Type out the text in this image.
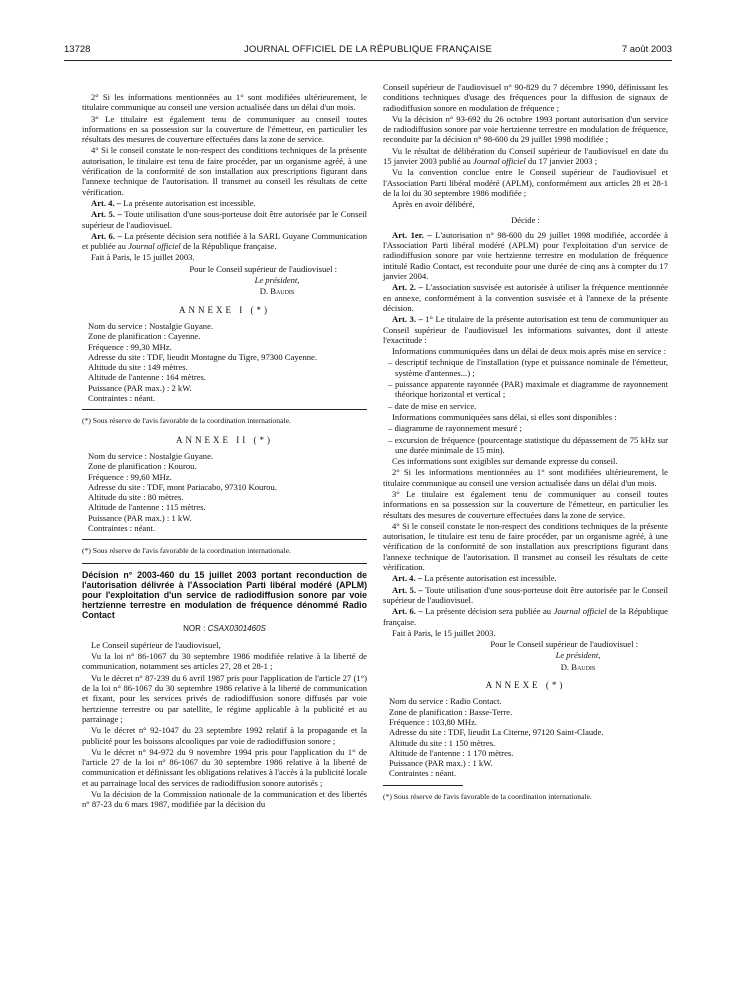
13728	JOURNAL OFFICIEL DE LA RÉPUBLIQUE FRANÇAISE	7 août 2003

2° Si les informations mentionnées au 1° sont modifiées ultérieurement, le titulaire communique au conseil une version actualisée dans un délai d'un mois.

3° Le titulaire est également tenu de communiquer au conseil toutes informations en sa possession sur la couverture de l'émetteur, en particulier les résultats des mesures de couverture effectuées dans la zone de service.

4° Si le conseil constate le non-respect des conditions techniques de la présente autorisation, le titulaire est tenu de faire procéder, par un organisme agréé, à une vérification de la conformité de son installation aux prescriptions figurant dans l'annexe technique de l'autorisation. Il transmet au conseil les résultats de cette vérification.

Art. 4. – La présente autorisation est incessible.

Art. 5. – Toute utilisation d'une sous-porteuse doit être autorisée par le Conseil supérieur de l'audiovisuel.

Art. 6. – La présente décision sera notifiée à la SARL Guyane Communication et publiée au Journal officiel de la République française.

Fait à Paris, le 15 juillet 2003.

Pour le Conseil supérieur de l'audiovisuel :

Le président,

D. Baudis

ANNEXE I (*)

Nom du service : Nostalgie Guyane.

Zone de planification : Cayenne.

Fréquence : 99,30 MHz.

Adresse du site : TDF, lieudit Montagne du Tigre, 97300 Cayenne.

Altitude du site : 149 mètres.

Altitude de l'antenne : 164 mètres.

Puissance (PAR max.) : 2 kW.

Contraintes : néant.

(*) Sous réserve de l'avis favorable de la coordination internationale.

ANNEXE II (*)

Nom du service : Nostalgie Guyane.

Zone de planification : Kourou.

Fréquence : 99,60 MHz.

Adresse du site : TDF, mont Pariacabo, 97310 Kourou.

Altitude du site : 80 mètres.

Altitude de l'antenne : 115 mètres.

Puissance (PAR max.) : 1 kW.

Contraintes : néant.

(*) Sous réserve de l'avis favorable de la coordination internationale.

Décision n° 2003-460 du 15 juillet 2003 portant reconduction de l'autorisation délivrée à l'Association Parti libéral modéré (APLM) pour l'exploitation d'un service de radiodiffusion sonore par voie hertzienne terrestre en modulation de fréquence dénommé Radio Contact

NOR : CSAX0301460S

Le Conseil supérieur de l'audiovisuel,

Vu la loi n° 86-1067 du 30 septembre 1986 modifiée relative à la liberté de communication, notamment ses articles 27, 28 et 28-1 ;

Vu le décret n° 87-239 du 6 avril 1987 pris pour l'application de l'article 27 (1°) de la loi n° 86-1067 du 30 septembre 1986 relative à la liberté de communication et fixant, pour les services privés de radiodiffusion sonore diffusés par voie hertzienne terrestre ou par satellite, le régime applicable à la publicité et au parrainage ;

Vu le décret n° 92-1047 du 23 septembre 1992 relatif à la propagande et la publicité pour les boissons alcooliques par voie de radiodiffusion sonore ;

Vu le décret n° 94-972 du 9 novembre 1994 pris pour l'application du 1° de l'article 27 de la loi n° 86-1067 du 30 septembre 1986 relative à la liberté de communication et définissant les obligations relatives à l'accès à la publicité locale et au parrainage local des services de radiodiffusion sonore autorisés ;

Vu la décision de la Commission nationale de la communication et des libertés n° 87-23 du 6 mars 1987, modifiée par la décision du

Conseil supérieur de l'audiovisuel n° 90-829 du 7 décembre 1990, définissant les conditions techniques d'usage des fréquences pour la diffusion de signaux de radiodiffusion sonore en modulation de fréquence ;

Vu la décision n° 93-692 du 26 octobre 1993 portant autorisation d'un service de radiodiffusion sonore par voie hertzienne terrestre en modulation de fréquence, reconduite par la décision n° 98-600 du 29 juillet 1998 modifiée ;

Vu le résultat de délibération du Conseil supérieur de l'audiovisuel en date du 15 janvier 2003 publié au Journal officiel du 17 janvier 2003 ;

Vu la convention conclue entre le Conseil supérieur de l'audiovisuel et l'Association Parti libéral modéré (APLM), conformément aux articles 28 et 28-1 de la loi du 30 septembre 1986 modifiée ;

Après en avoir délibéré,

Décide :

Art. 1er. – L'autorisation n° 98-600 du 29 juillet 1998 modifiée, accordée à l'Association Parti libéral modéré (APLM) pour l'exploitation d'un service de radiodiffusion sonore par voie hertzienne terrestre en modulation de fréquence intitulé Radio Contact, est reconduite pour une durée de cinq ans à compter du 17 janvier 2004.

Art. 2. – L'association susvisée est autorisée à utiliser la fréquence mentionnée en annexe, conformément à la convention susvisée et à l'annexe de la présente décision.

Art. 3. – 1° Le titulaire de la présente autorisation est tenu de communiquer au Conseil supérieur de l'audiovisuel les informations suivantes, dont il atteste l'exactitude :

Informations communiquées dans un délai de deux mois après mise en service :

– descriptif technique de l'installation (type et puissance nominale de l'émetteur, système d'antennes...) ;

– puissance apparente rayonnée (PAR) maximale et diagramme de rayonnement théorique horizontal et vertical ;

– date de mise en service.

Informations communiquées sans délai, si elles sont disponibles :

– diagramme de rayonnement mesuré ;

– excursion de fréquence (pourcentage statistique du dépassement de 75 kHz sur une durée minimale de 15 min).

Ces informations sont exigibles sur demande expresse du conseil.

2° Si les informations mentionnées au 1° sont modifiées ultérieurement, le titulaire communique au conseil une version actualisée dans un délai d'un mois.

3° Le titulaire est également tenu de communiquer au conseil toutes informations en sa possession sur la couverture de l'émetteur, en particulier les résultats des mesures de couverture effectuées dans la zone de service.

4° Si le conseil constate le non-respect des conditions techniques de la présente autorisation, le titulaire est tenu de faire procéder, par un organisme agréé, à une vérification de la conformité de son installation aux prescriptions figurant dans l'annexe technique de l'autorisation. Il transmet au conseil les résultats de cette vérification.

Art. 4. – La présente autorisation est incessible.

Art. 5. – Toute utilisation d'une sous-porteuse doit être autorisée par le Conseil supérieur de l'audiovisuel.

Art. 6. – La présente décision sera publiée au Journal officiel de la République française.

Fait à Paris, le 15 juillet 2003.

Pour le Conseil supérieur de l'audiovisuel :

Le président,

D. Baudis

ANNEXE (*)

Nom du service : Radio Contact.

Zone de planification : Basse-Terre.

Fréquence : 103,80 MHz.

Adresse du site : TDF, lieudit La Citerne, 97120 Saint-Claude.

Altitude du site : 1 150 mètres.

Altitude de l'antenne : 1 170 mètres.

Puissance (PAR max.) : 1 kW.

Contraintes : néant.

(*) Sous réserve de l'avis favorable de la coordination internationale.
